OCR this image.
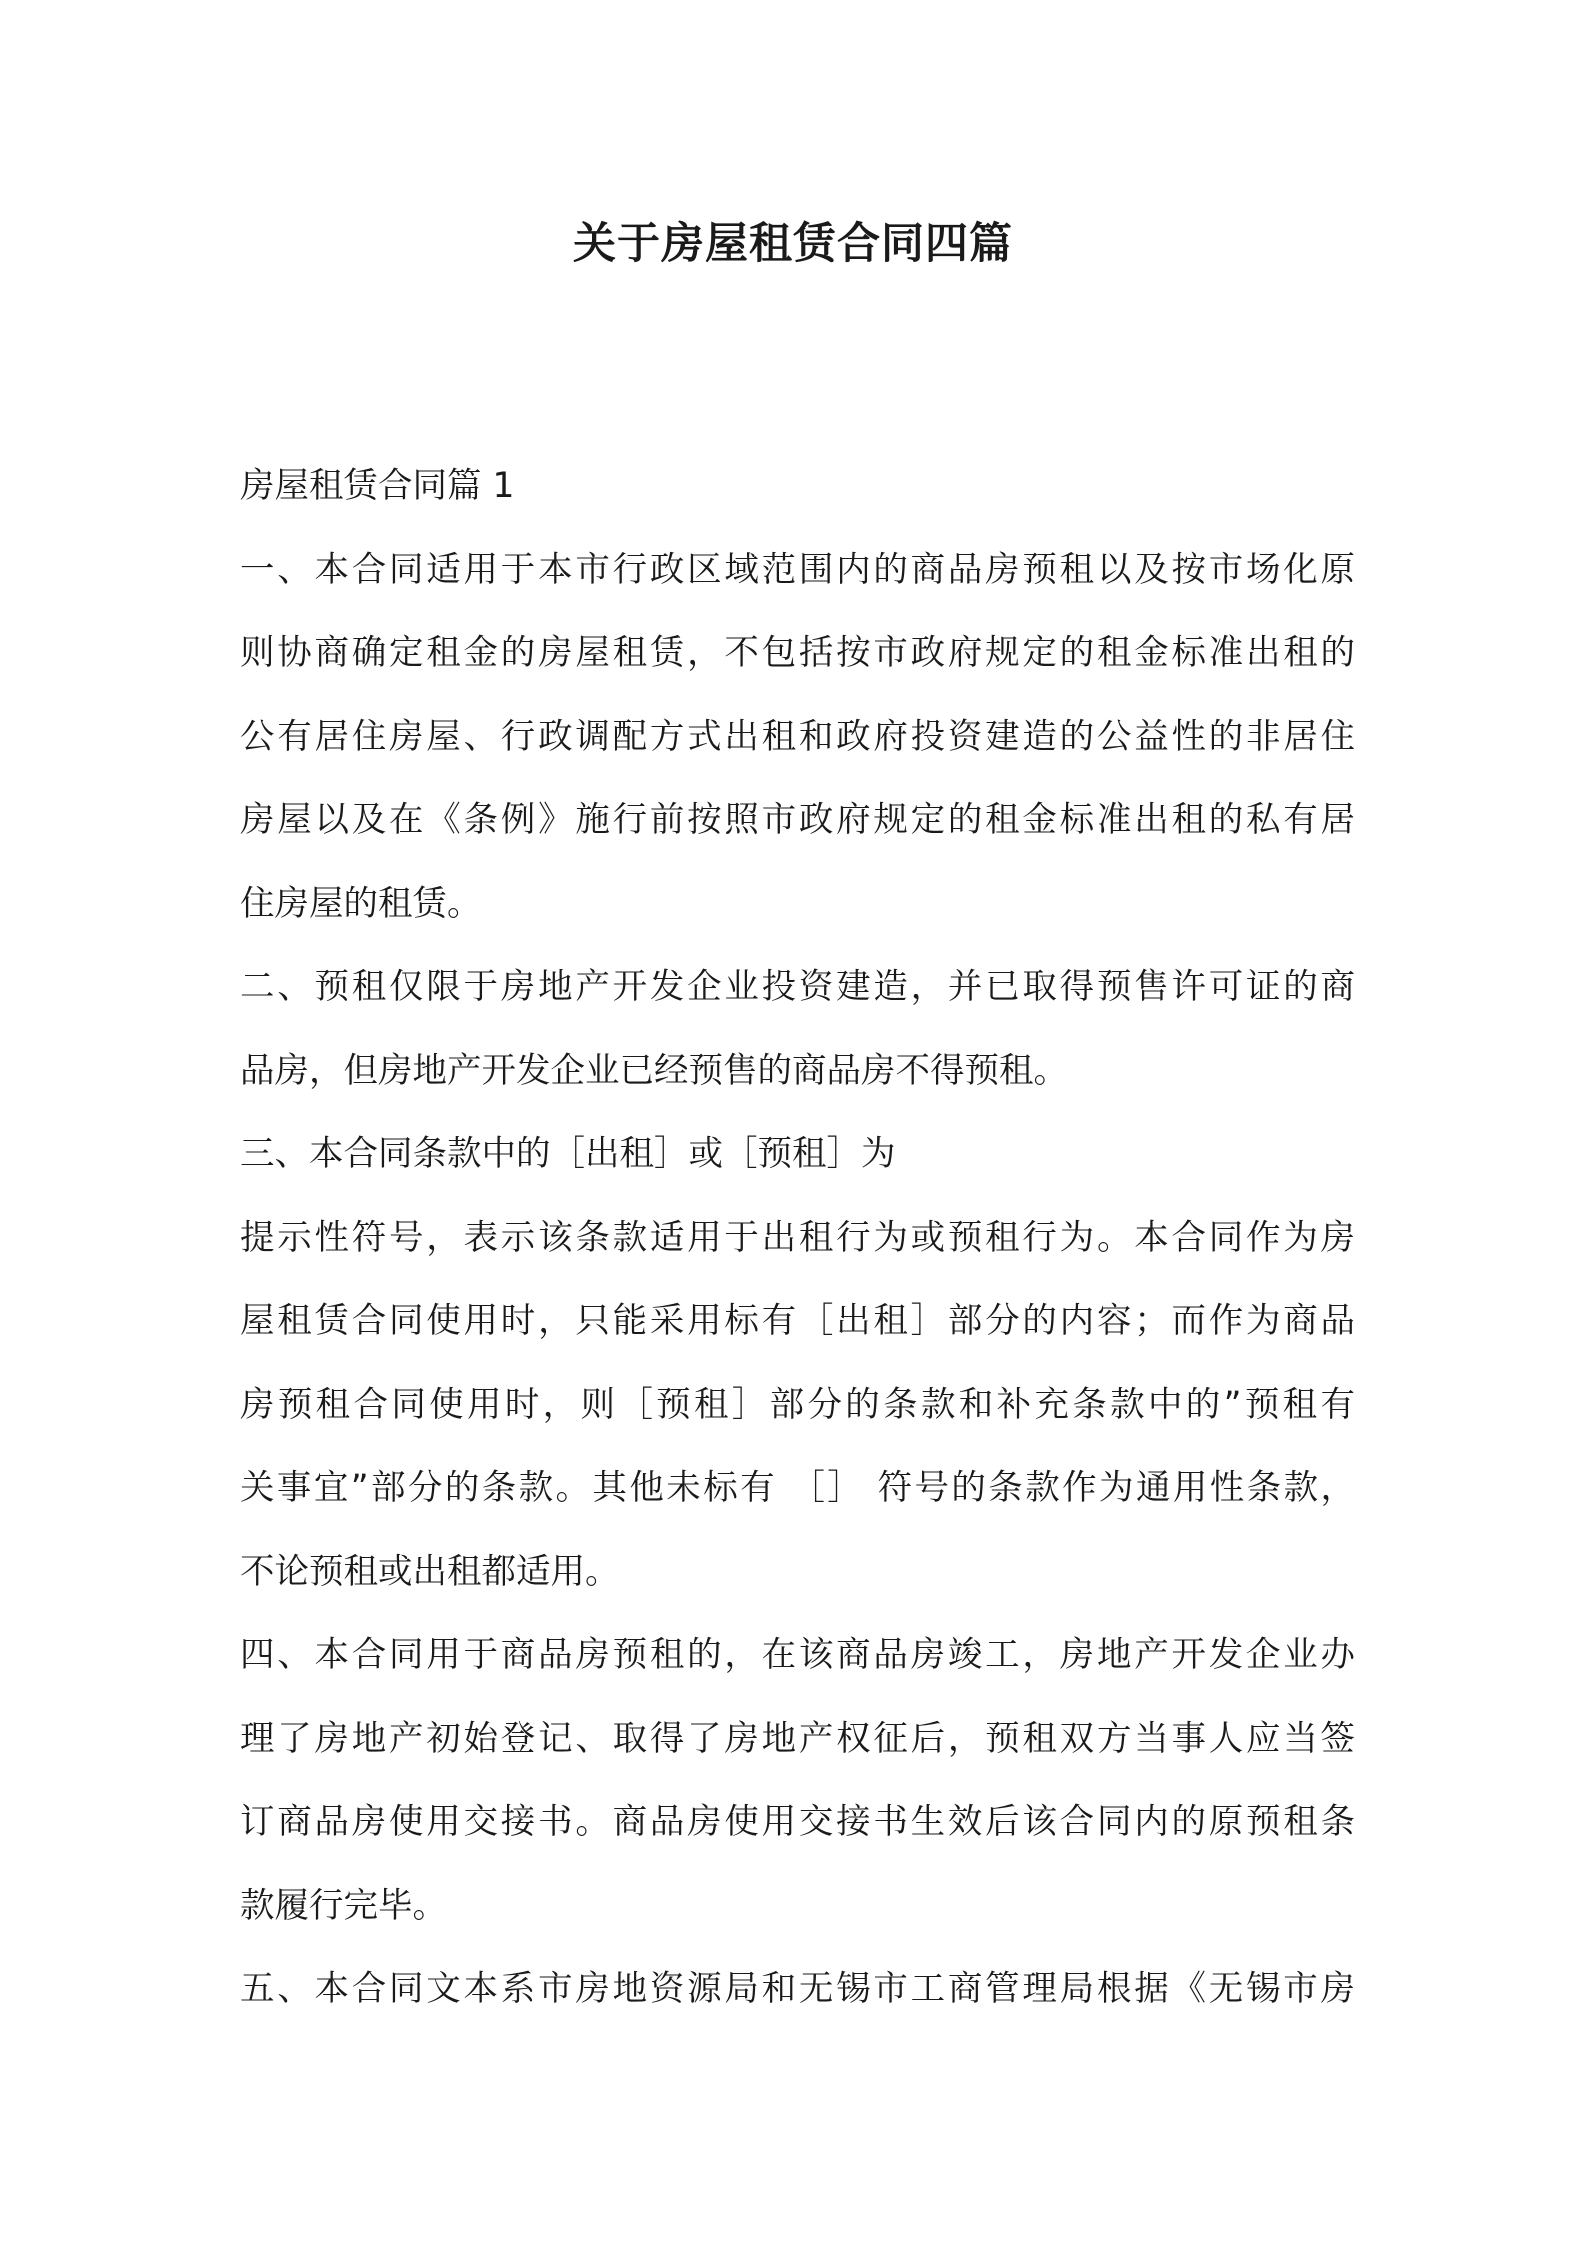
关于房屋租赁合同四篇
房屋租赁合同篇 1
一、本合同适用于本市行政区域范围内的商品房预租以及按市场化原
则协商确定租金的房屋租赁，不包括按市政府规定的租金标准出租的
公有居住房屋、行政调配方式出租和政府投资建造的公益性的非居住
房屋以及在《条例》施行前按照市政府规定的租金标准出租的私有居
住房屋的租赁。
二、预租仅限于房地产开发企业投资建造，并已取得预售许可证的商
品房，但房地产开发企业已经预售的商品房不得预租。
三、本合同条款中的［出租］或［预租］为
提示性符号，表示该条款适用于出租行为或预租行为。本合同作为房
屋租赁合同使用时，只能采用标有［出租］部分的内容；而作为商品
房预租合同使用时，则［预租］部分的条款和补充条款中的”预租有
关事宜”部分的条款。其他未标有 ［］ 符号的条款作为通用性条款，
不论预租或出租都适用。
四、本合同用于商品房预租的，在该商品房竣工，房地产开发企业办
理了房地产初始登记、取得了房地产权征后，预租双方当事人应当签
订商品房使用交接书。商品房使用交接书生效后该合同内的原预租条
款履行完毕。
五、本合同文本系市房地资源局和无锡市工商管理局根据《无锡市房
